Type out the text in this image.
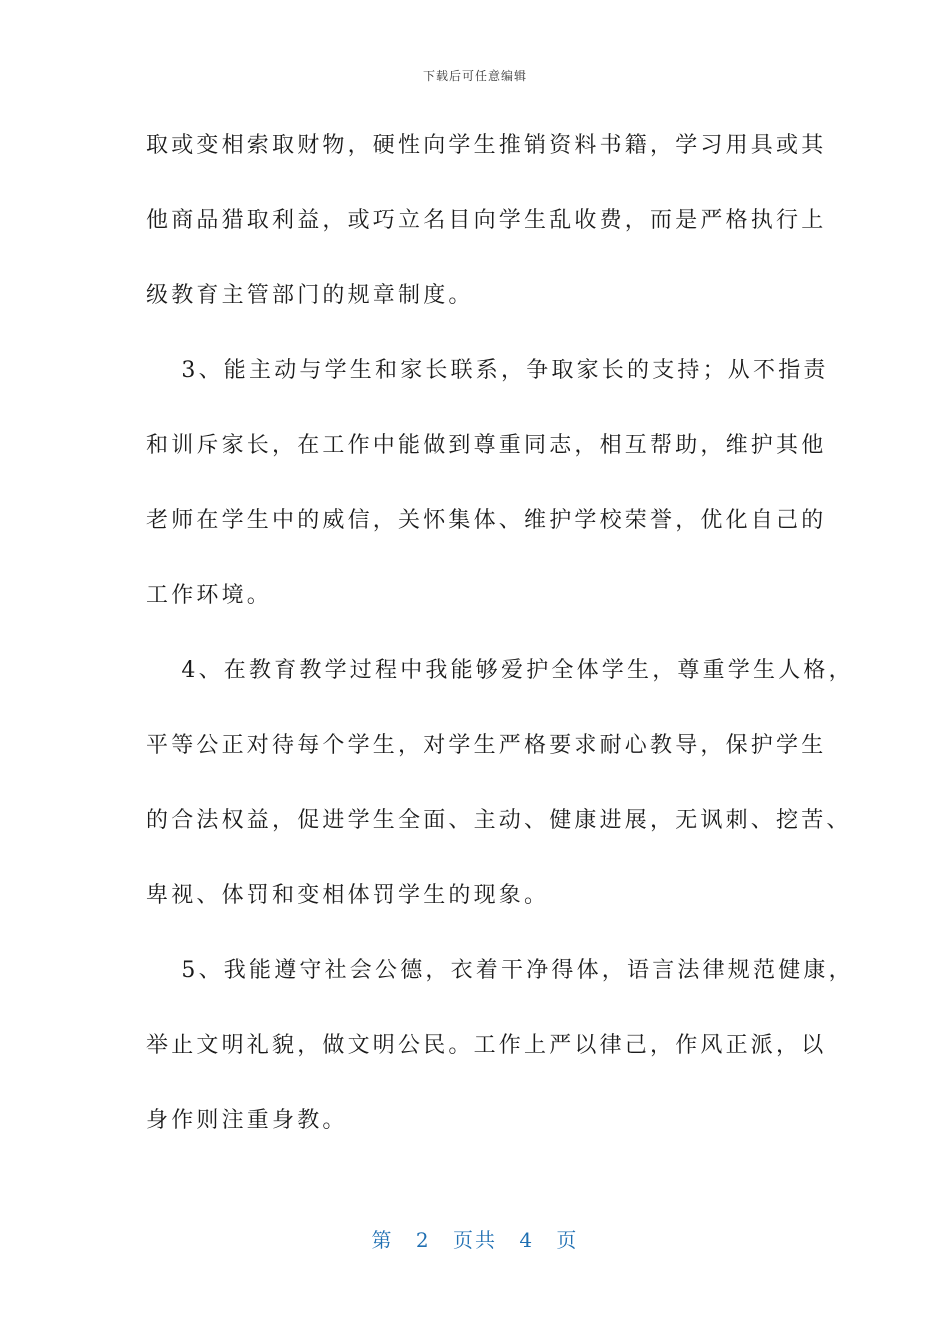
下载后可任意编辑
取或变相索取财物，硬性向学生推销资料书籍，学习用具或其
他商品猎取利益，或巧立名目向学生乱收费，而是严格执行上
级教育主管部门的规章制度。
　 3、能主动与学生和家长联系，争取家长的支持；从不指责
和训斥家长，在工作中能做到尊重同志，相互帮助，维护其他
老师在学生中的威信，关怀集体、维护学校荣誉，优化自己的
工作环境。
　 4、在教育教学过程中我能够爱护全体学生，尊重学生人格，
平等公正对待每个学生，对学生严格要求耐心教导，保护学生
的合法权益，促进学生全面、主动、健康进展，无讽刺、挖苦、
卑视、体罚和变相体罚学生的现象。
　 5、我能遵守社会公德，衣着干净得体，语言法律规范健康，
举止文明礼貌，做文明公民。工作上严以律己，作风正派，以
身作则注重身教。
第 2 页共 4 页
